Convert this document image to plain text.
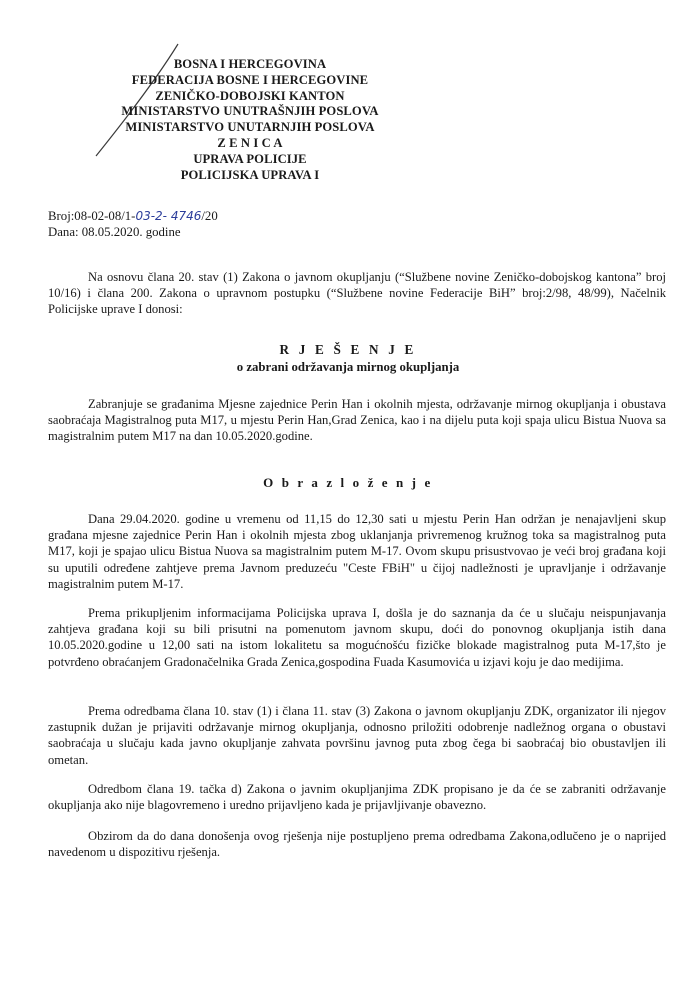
BOSNA I HERCEGOVINA
FEDERACIJA BOSNE I HERCEGOVINE
ZENIČKO-DOBOJSKI KANTON
MINISTARSTVO UNUTRAŠNJIH POSLOVA
MINISTARSTVO UNUTARNJIH POSLOVA
Z E N I C A
UPRAVA POLICIJE
POLICIJSKA UPRAVA I
Broj:08-02-08/1-03-2- 4746/20
Dana: 08.05.2020. godine

Na osnovu člana 20. stav (1) Zakona o javnom okupljanju (“Službene novine Zeničko-dobojskog kantona” broj 10/16) i člana 200. Zakona o upravnom postupku (“Službene novine Federacije BiH” broj:2/98, 48/99), Načelnik Policijske uprave I donosi:

R J E Š E N J E
o zabrani održavanja mirnog okupljanja

Zabranjuje se građanima Mjesne zajednice Perin Han i okolnih mjesta, održavanje mirnog okupljanja i obustava saobraćaja Magistralnog puta M17, u mjestu Perin Han,Grad Zenica, kao i na dijelu puta koji spaja ulicu Bistua Nuova sa magistralnim putem M17 na dan 10.05.2020.godine.

O b r a z l o ž e n j e

Dana 29.04.2020. godine u vremenu od 11,15 do 12,30 sati u mjestu Perin Han održan je nenajavljeni skup građana mjesne zajednice Perin Han i okolnih mjesta zbog uklanjanja privremenog kružnog toka sa magistralnog puta M17, koji je spajao ulicu Bistua Nuova sa magistralnim putem M-17. Ovom skupu prisustvovao je veći broj građana koji su uputili određene zahtjeve prema Javnom preduzeću "Ceste FBiH" u čijoj nadležnosti je upravljanje i održavanje magistralnim putem M-17.

Prema prikupljenim informacijama Policijska uprava I, došla je do saznanja da će u slučaju neispunjavanja zahtjeva građana koji su bili prisutni na pomenutom javnom skupu, doći do ponovnog okupljanja istih dana 10.05.2020.godine u 12,00 sati na istom lokalitetu sa mogućnošću fizičke blokade magistralnog puta M-17,što je potvrđeno obraćanjem Gradonačelnika Grada Zenica,gospodina Fuada Kasumovića u izjavi koju je dao medijima.

Prema odredbama člana 10. stav (1) i člana 11. stav (3) Zakona o javnom okupljanju ZDK, organizator ili njegov zastupnik dužan je prijaviti održavanje mirnog okupljanja, odnosno priložiti odobrenje nadležnog organa o obustavi saobraćaja u slučaju kada javno okupljanje zahvata površinu javnog puta zbog čega bi saobraćaj bio obustavljen ili ometan.

Odredbom člana 19. tačka d) Zakona o javnim okupljanjima ZDK propisano je da će se zabraniti održavanje okupljanja ako nije blagovremeno i uredno prijavljeno kada je prijavljivanje obavezno.

Obzirom da do dana donošenja ovog rješenja nije postupljeno prema odredbama Zakona,odlučeno je o naprijed navedenom u dispozitivu rješenja.
